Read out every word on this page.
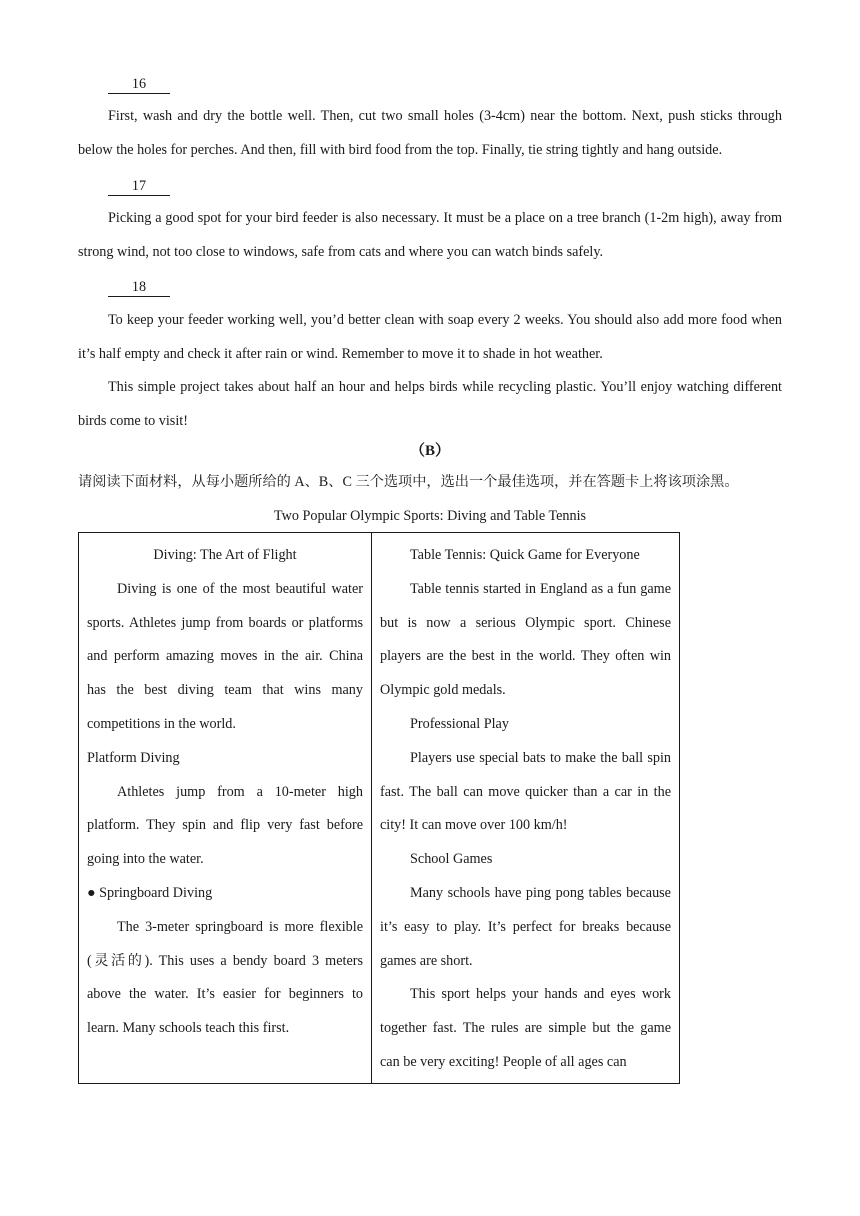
16

First, wash and dry the bottle well. Then, cut two small holes (3-4cm) near the bottom. Next, push sticks through below the holes for perches. And then, fill with bird food from the top. Finally, tie string tightly and hang outside.

17

Picking a good spot for your bird feeder is also necessary. It must be a place on a tree branch (1-2m high), away from strong wind, not too close to windows, safe from cats and where you can watch binds safely.

18

To keep your feeder working well, you’d better clean with soap every 2 weeks. You should also add more food when it’s half empty and check it after rain or wind. Remember to move it to shade in hot weather.

This simple project takes about half an hour and helps birds while recycling plastic. You’ll enjoy watching different birds come to visit!

（B）
请阅读下面材料，从每小题所给的 A、B、C 三个选项中，选出一个最佳选项，并在答题卡上将该项涂黑。
Two Popular Olympic Sports: Diving and Table Tennis

Diving: The Art of Flight

Diving is one of the most beautiful water sports. Athletes jump from boards or platforms and perform amazing moves in the air. China has the best diving team that wins many competitions in the world.

Platform Diving

Athletes jump from a 10-meter high platform. They spin and flip very fast before going into the water.

● Springboard Diving

The 3-meter springboard is more flexible (灵活的). This uses a bendy board 3 meters above the water. It’s easier for beginners to learn. Many schools teach this first.

Table Tennis: Quick Game for Everyone

Table tennis started in England as a fun game but is now a serious Olympic sport. Chinese players are the best in the world. They often win Olympic gold medals.

Professional Play

Players use special bats to make the ball spin fast. The ball can move quicker than a car in the city! It can move over 100 km/h!

School Games

Many schools have ping pong tables because it’s easy to play. It’s perfect for breaks because games are short.

This sport helps your hands and eyes work together fast. The rules are simple but the game can be very exciting! People of all ages can
